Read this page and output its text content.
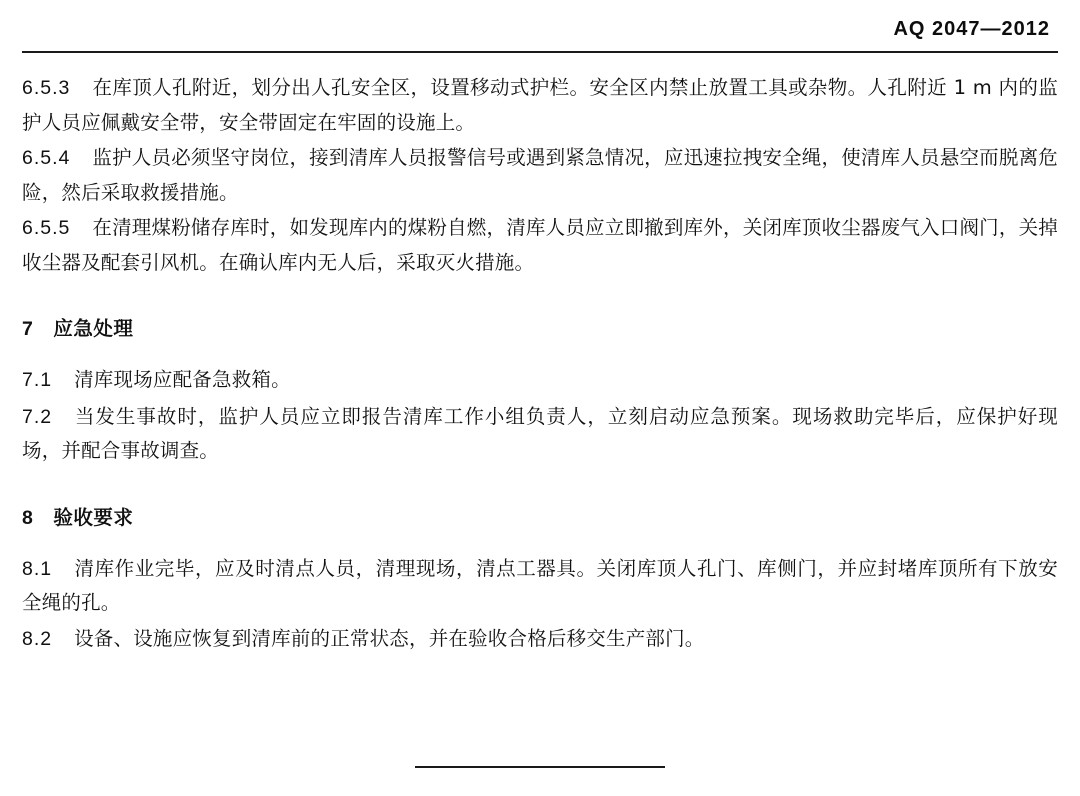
AQ 2047—2012

6.5.3 在库顶人孔附近，划分出人孔安全区，设置移动式护栏。安全区内禁止放置工具或杂物。人孔附近 1 m 内的监护人员应佩戴安全带，安全带固定在牢固的设施上。

6.5.4 监护人员必须坚守岗位，接到清库人员报警信号或遇到紧急情况，应迅速拉拽安全绳，使清库人员悬空而脱离危险，然后采取救援措施。

6.5.5 在清理煤粉储存库时，如发现库内的煤粉自燃，清库人员应立即撤到库外，关闭库顶收尘器废气入口阀门，关掉收尘器及配套引风机。在确认库内无人后，采取灭火措施。

7 应急处理

7.1 清库现场应配备急救箱。

7.2 当发生事故时，监护人员应立即报告清库工作小组负责人，立刻启动应急预案。现场救助完毕后，应保护好现场，并配合事故调查。

8 验收要求

8.1 清库作业完毕，应及时清点人员，清理现场，清点工器具。关闭库顶人孔门、库侧门，并应封堵库顶所有下放安全绳的孔。

8.2 设备、设施应恢复到清库前的正常状态，并在验收合格后移交生产部门。
